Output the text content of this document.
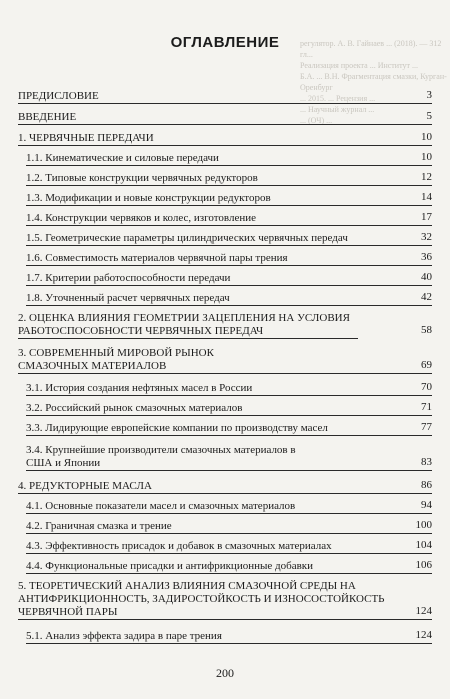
регулятор. А. В. Гайнаев ... (2018). — 312 гл...
Реализация проекта ... Институт ...
Б.А. ... В.Н. Фрагментация смазки, Курган-Оренбург
... 2015. ... Рецензия ...
... Научный журнал ...
... (ОЧ) ...
ОГЛАВЛЕНИЕ
ПРЕДИСЛОВИЕ	3
ВВЕДЕНИЕ	5
1. ЧЕРВЯЧНЫЕ ПЕРЕДАЧИ	10
1.1. Кинематические и силовые передачи	10
1.2. Типовые конструкции червячных редукторов	12
1.3. Модификации и новые конструкции редукторов	14
1.4. Конструкции червяков и колес, изготовление	17
1.5. Геометрические параметры цилиндрических червячных передач	32
1.6. Совместимость материалов червячной пары трения	36
1.7. Критерии работоспособности передачи	40
1.8. Уточненный расчет червячных передач	42
2. ОЦЕНКА ВЛИЯНИЯ ГЕОМЕТРИИ ЗАЦЕПЛЕНИЯ НА УСЛОВИЯ РАБОТОСПОСОБНОСТИ ЧЕРВЯЧНЫХ ПЕРЕДАЧ	58
3. СОВРЕМЕННЫЙ МИРОВОЙ РЫНОК СМАЗОЧНЫХ МАТЕРИАЛОВ	69
3.1. История создания нефтяных масел в России	70
3.2. Российский рынок смазочных материалов	71
3.3. Лидирующие европейские компании по производству масел	77
3.4. Крупнейшие производители смазочных материалов в США и Японии	83
4. РЕДУКТОРНЫЕ МАСЛА	86
4.1. Основные показатели масел и смазочных материалов	94
4.2. Граничная смазка и трение	100
4.3. Эффективность присадок и добавок в смазочных материалах	104
4.4. Функциональные присадки и антифрикционные добавки	106
5. ТЕОРЕТИЧЕСКИЙ АНАЛИЗ ВЛИЯНИЯ СМАЗОЧНОЙ СРЕДЫ НА АНТИФРИКЦИОННОСТЬ, ЗАДИРОСТОЙКОСТЬ И ИЗНОСОСТОЙКОСТЬ ЧЕРВЯЧНОЙ ПАРЫ	124
5.1. Анализ эффекта задира в паре трения	124
200
